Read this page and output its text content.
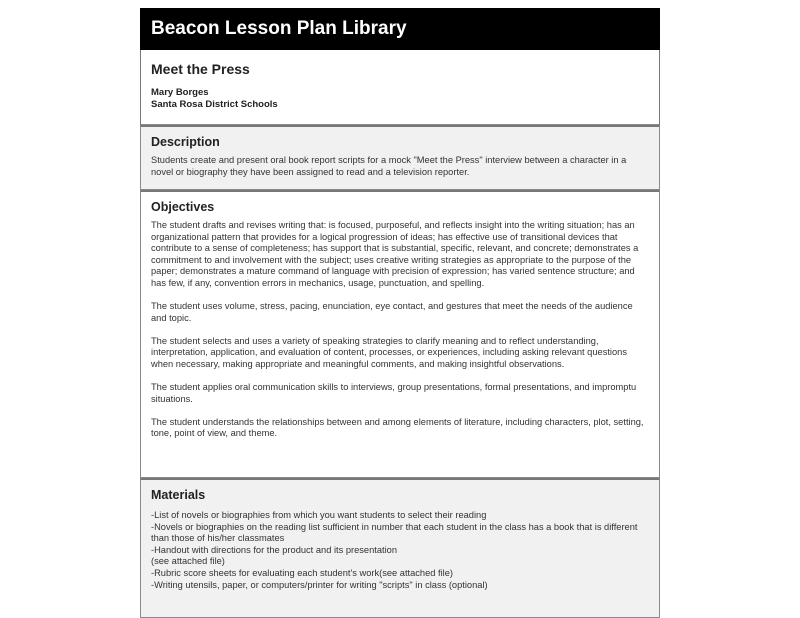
Beacon Lesson Plan Library
Meet the Press
Mary Borges
Santa Rosa District Schools
Description

Students create and present oral book report scripts for a mock "Meet the Press" interview between a character in a novel or biography they have been assigned to read and a television reporter.

Objectives

The student drafts and revises writing that: is focused, purposeful, and reflects insight into the writing situation; has an organizational pattern that provides for a logical progression of ideas; has effective use of transitional devices that contribute to a sense of completeness; has support that is substantial, specific, relevant, and concrete; demonstrates a commitment to and involvement with the subject; uses creative writing strategies as appropriate to the purpose of the paper; demonstrates a mature command of language with precision of expression; has varied sentence structure; and has few, if any, convention errors in mechanics, usage, punctuation, and spelling.

The student uses volume, stress, pacing, enunciation, eye contact, and gestures that meet the needs of the audience and topic.

The student selects and uses a variety of speaking strategies to clarify meaning and to reflect understanding, interpretation, application, and evaluation of content, processes, or experiences, including asking relevant questions when necessary, making appropriate and meaningful comments, and making insightful observations.

The student applies oral communication skills to interviews, group presentations, formal presentations, and impromptu situations.

The student understands the relationships between and among elements of literature, including characters, plot, setting, tone, point of view, and theme.

Materials
-List of novels or biographies from which you want students to select their reading
-Novels or biographies on the reading list sufficient in number that each student in the class has a book that is different than those of his/her classmates
-Handout with directions for the product and its presentation
(see attached file)
-Rubric score sheets for evaluating each student's work(see attached file)
-Writing utensils, paper, or computers/printer for writing "scripts" in class (optional)
